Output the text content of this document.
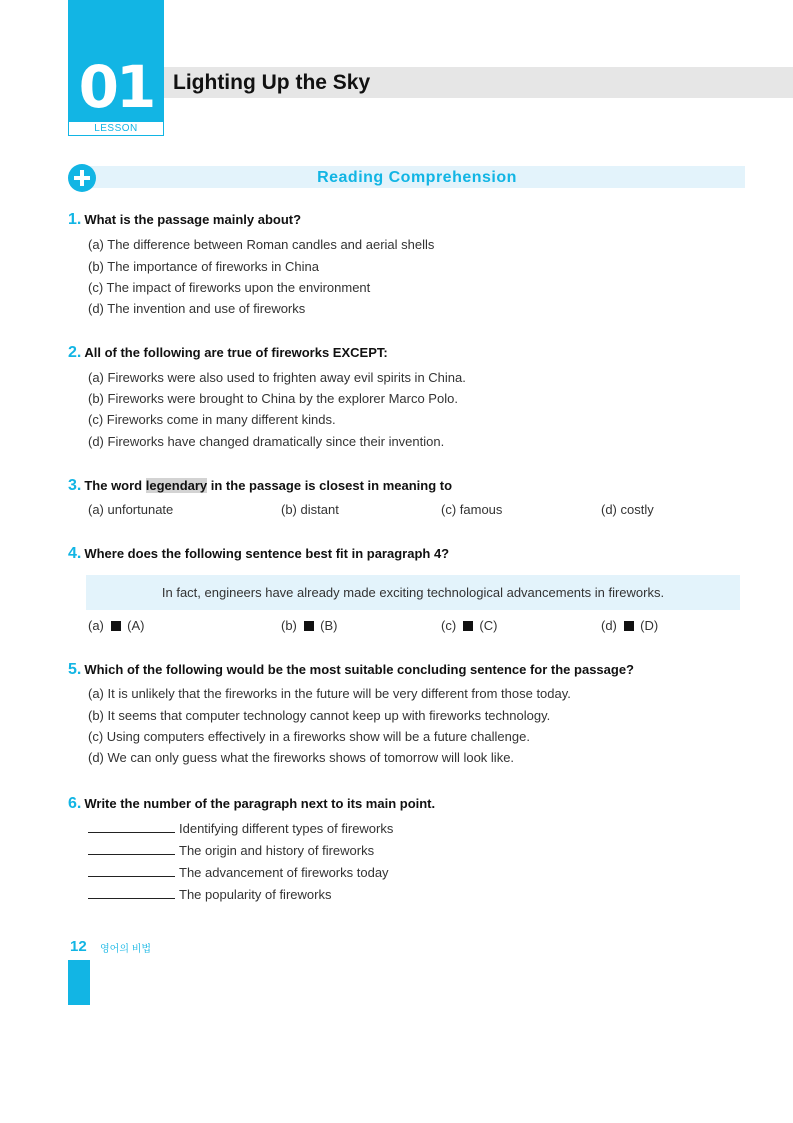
01
LESSON
Lighting Up the Sky
Reading Comprehension
1. What is the passage mainly about?
(a) The difference between Roman candles and aerial shells
(b) The importance of fireworks in China
(c) The impact of fireworks upon the environment
(d) The invention and use of fireworks
2. All of the following are true of fireworks EXCEPT:
(a) Fireworks were also used to frighten away evil spirits in China.
(b) Fireworks were brought to China by the explorer Marco Polo.
(c) Fireworks come in many different kinds.
(d) Fireworks have changed dramatically since their invention.
3. The word legendary in the passage is closest in meaning to
(a) unfortunate	(b) distant	(c) famous	(d) costly
4. Where does the following sentence best fit in paragraph 4?
In fact, engineers have already made exciting technological advancements in fireworks.
(a) (A)	(b) (B)	(c) (C)	(d) (D)
5. Which of the following would be the most suitable concluding sentence for the passage?
(a) It is unlikely that the fireworks in the future will be very different from those today.
(b) It seems that computer technology cannot keep up with fireworks technology.
(c) Using computers effectively in a fireworks show will be a future challenge.
(d) We can only guess what the fireworks shows of tomorrow will look like.
6. Write the number of the paragraph next to its main point.
Identifying different types of fireworks
The origin and history of fireworks
The advancement of fireworks today
The popularity of fireworks
12 영어의 비법
